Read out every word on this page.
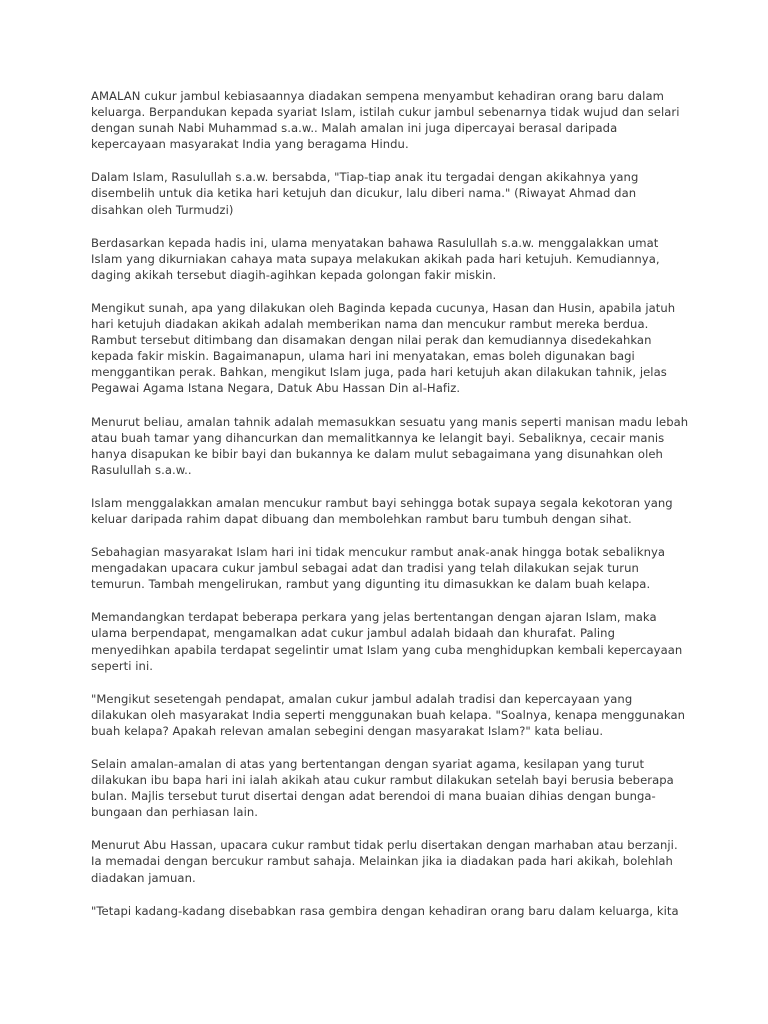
AMALAN cukur jambul kebiasaannya diadakan sempena menyambut kehadiran orang baru dalam keluarga. Berpandukan kepada syariat Islam, istilah cukur jambul sebenarnya tidak wujud dan selari dengan sunah Nabi Muhammad s.a.w.. Malah amalan ini juga dipercayai berasal daripada kepercayaan masyarakat India yang beragama Hindu.

Dalam Islam, Rasulullah s.a.w. bersabda, "Tiap-tiap anak itu tergadai dengan akikahnya yang disembelih untuk dia ketika hari ketujuh dan dicukur, lalu diberi nama." (Riwayat Ahmad dan disahkan oleh Turmudzi)

Berdasarkan kepada hadis ini, ulama menyatakan bahawa Rasulullah s.a.w. menggalakkan umat Islam yang dikurniakan cahaya mata supaya melakukan akikah pada hari ketujuh. Kemudiannya, daging akikah tersebut diagih-agihkan kepada golongan fakir miskin.

Mengikut sunah, apa yang dilakukan oleh Baginda kepada cucunya, Hasan dan Husin, apabila jatuh hari ketujuh diadakan akikah adalah memberikan nama dan mencukur rambut mereka berdua. Rambut tersebut ditimbang dan disamakan dengan nilai perak dan kemudiannya disedekahkan kepada fakir miskin. Bagaimanapun, ulama hari ini menyatakan, emas boleh digunakan bagi menggantikan perak. Bahkan, mengikut Islam juga, pada hari ketujuh akan dilakukan tahnik, jelas Pegawai Agama Istana Negara, Datuk Abu Hassan Din al-Hafiz.

Menurut beliau, amalan tahnik adalah memasukkan sesuatu yang manis seperti manisan madu lebah atau buah tamar yang dihancurkan dan memalitkannya ke lelangit bayi. Sebaliknya, cecair manis hanya disapukan ke bibir bayi dan bukannya ke dalam mulut sebagaimana yang disunahkan oleh Rasulullah s.a.w..

Islam menggalakkan amalan mencukur rambut bayi sehingga botak supaya segala kekotoran yang keluar daripada rahim dapat dibuang dan membolehkan rambut baru tumbuh dengan sihat.

Sebahagian masyarakat Islam hari ini tidak mencukur rambut anak-anak hingga botak sebaliknya mengadakan upacara cukur jambul sebagai adat dan tradisi yang telah dilakukan sejak turun temurun. Tambah mengelirukan, rambut yang digunting itu dimasukkan ke dalam buah kelapa.

Memandangkan terdapat beberapa perkara yang jelas bertentangan dengan ajaran Islam, maka ulama berpendapat, mengamalkan adat cukur jambul adalah bidaah dan khurafat. Paling menyedihkan apabila terdapat segelintir umat Islam yang cuba menghidupkan kembali kepercayaan seperti ini.

"Mengikut sesetengah pendapat, amalan cukur jambul adalah tradisi dan kepercayaan yang dilakukan oleh masyarakat India seperti menggunakan buah kelapa. "Soalnya, kenapa menggunakan buah kelapa? Apakah relevan amalan sebegini dengan masyarakat Islam?" kata beliau.

Selain amalan-amalan di atas yang bertentangan dengan syariat agama, kesilapan yang turut dilakukan ibu bapa hari ini ialah akikah atau cukur rambut dilakukan setelah bayi berusia beberapa bulan. Majlis tersebut turut disertai dengan adat berendoi di mana buaian dihias dengan bunga-bungaan dan perhiasan lain.

Menurut Abu Hassan, upacara cukur rambut tidak perlu disertakan dengan marhaban atau berzanji. Ia memadai dengan bercukur rambut sahaja. Melainkan jika ia diadakan pada hari akikah, bolehlah diadakan jamuan.

"Tetapi kadang-kadang disebabkan rasa gembira dengan kehadiran orang baru dalam keluarga, kita
